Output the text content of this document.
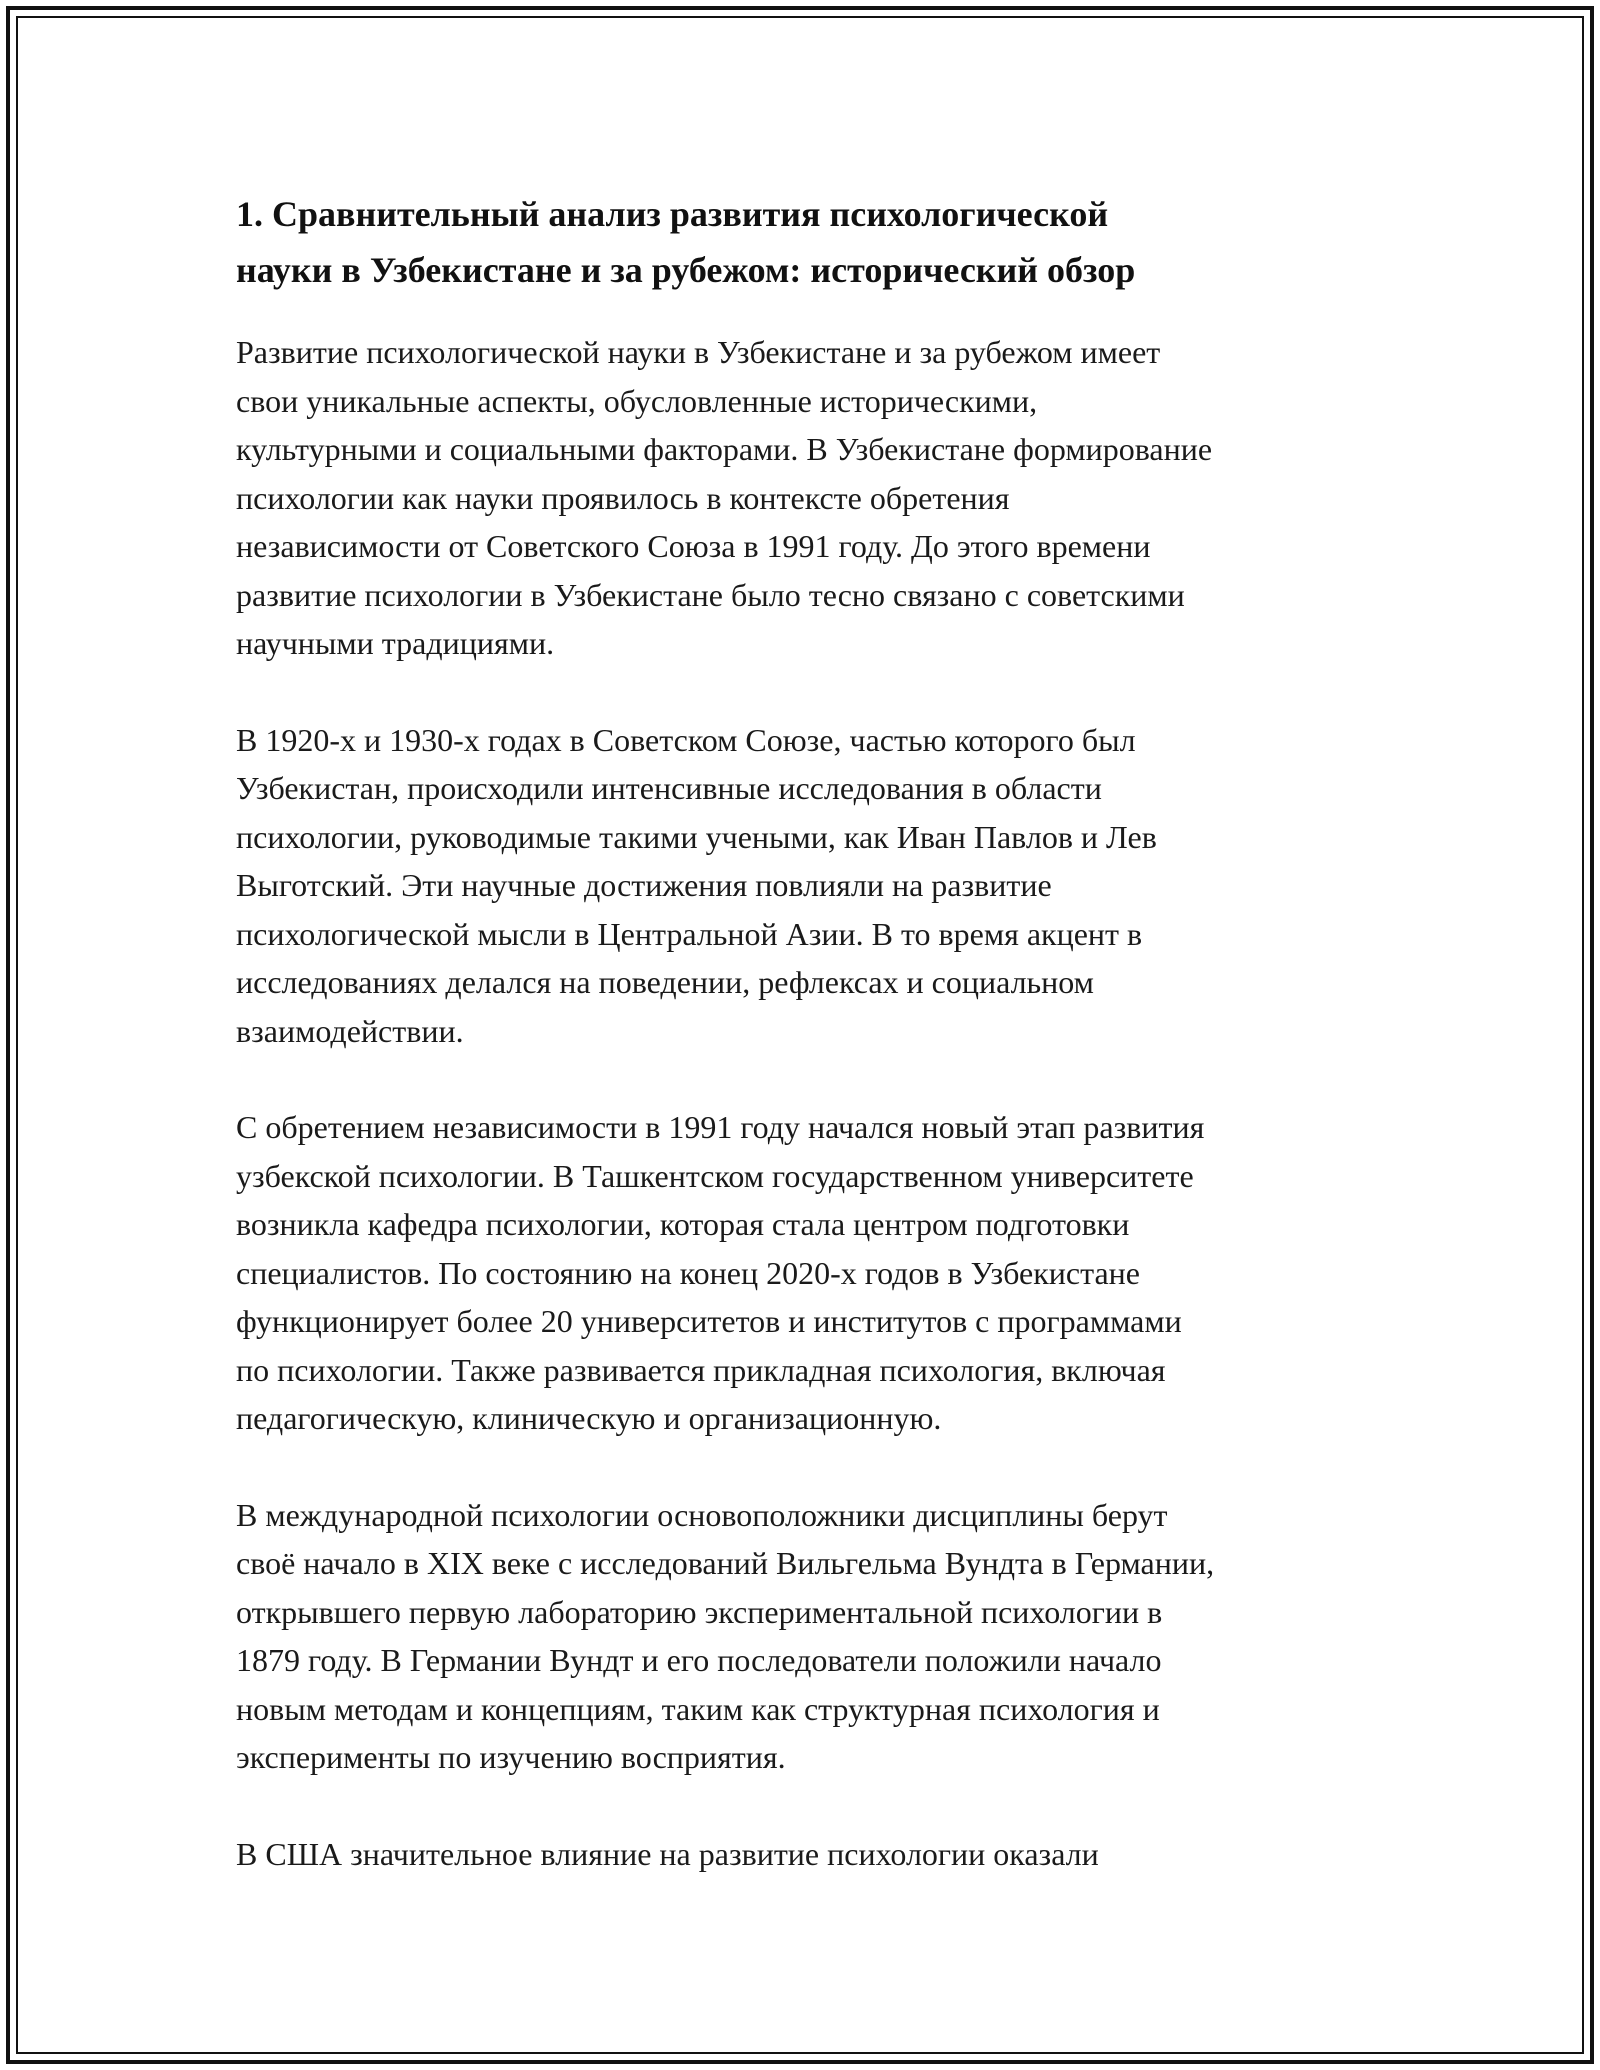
1. Сравнительный анализ развития психологической
науки в Узбекистане и за рубежом: исторический обзор

Развитие психологической науки в Узбекистане и за рубежом имеет
свои уникальные аспекты, обусловленные историческими,
культурными и социальными факторами. В Узбекистане формирование
психологии как науки проявилось в контексте обретения
независимости от Советского Союза в 1991 году. До этого времени
развитие психологии в Узбекистане было тесно связано с советскими
научными традициями.

В 1920-х и 1930-х годах в Советском Союзе, частью которого был
Узбекистан, происходили интенсивные исследования в области
психологии, руководимые такими учеными, как Иван Павлов и Лев
Выготский. Эти научные достижения повлияли на развитие
психологической мысли в Центральной Азии. В то время акцент в
исследованиях делался на поведении, рефлексах и социальном
взаимодействии.

С обретением независимости в 1991 году начался новый этап развития
узбекской психологии. В Ташкентском государственном университете
возникла кафедра психологии, которая стала центром подготовки
специалистов. По состоянию на конец 2020-х годов в Узбекистане
функционирует более 20 университетов и институтов с программами
по психологии. Также развивается прикладная психология, включая
педагогическую, клиническую и организационную.

В международной психологии основоположники дисциплины берут
своё начало в XIX веке с исследований Вильгельма Вундта в Германии,
открывшего первую лабораторию экспериментальной психологии в
1879 году. В Германии Вундт и его последователи положили начало
новым методам и концепциям, таким как структурная психология и
эксперименты по изучению восприятия.

В США значительное влияние на развитие психологии оказали
